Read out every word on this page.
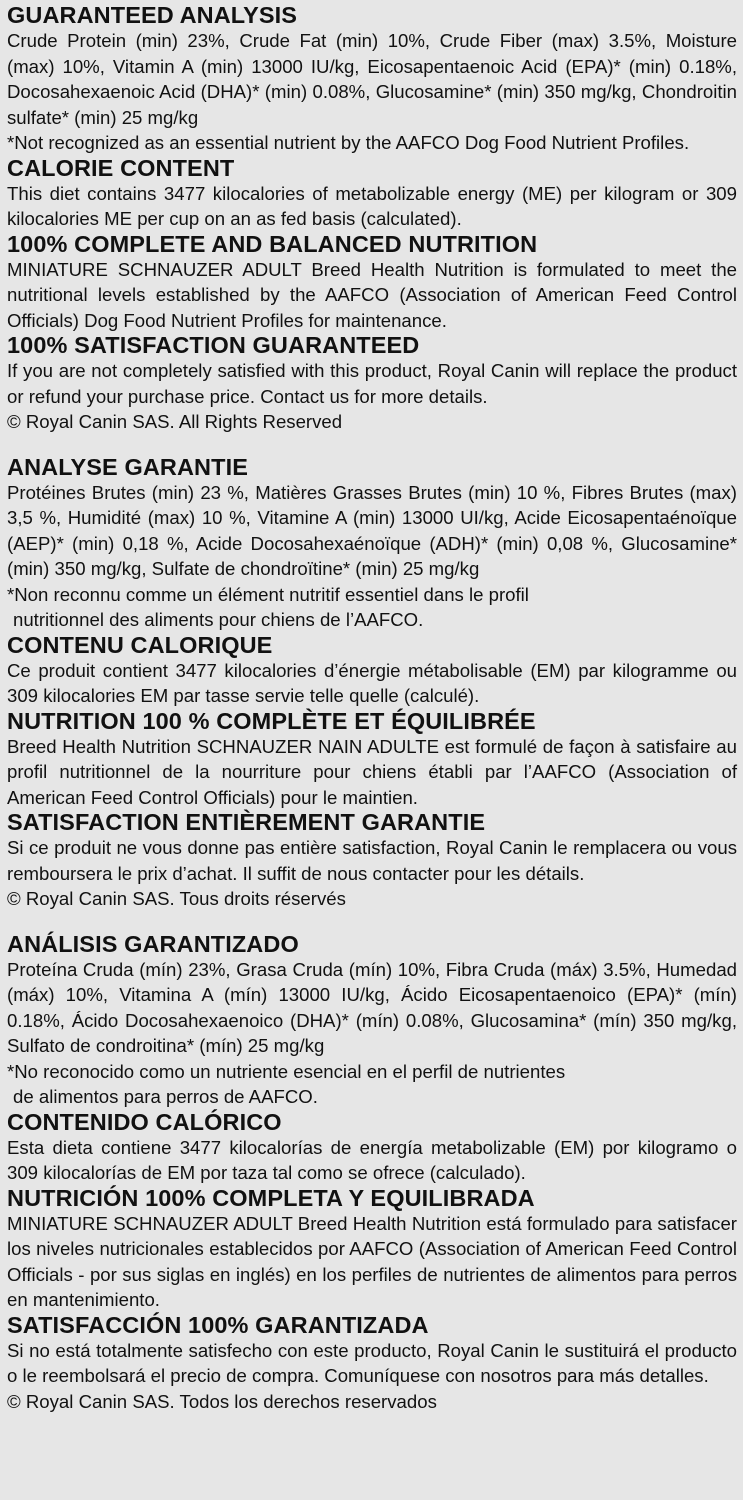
GUARANTEED ANALYSIS

Crude Protein (min) 23%, Crude Fat (min) 10%, Crude Fiber (max) 3.5%, Moisture (max) 10%, Vitamin A (min) 13000 IU/kg, Eicosapentaenoic Acid (EPA)* (min) 0.18%, Docosahexaenoic Acid (DHA)* (min) 0.08%, Glucosamine* (min) 350 mg/kg, Chondroitin sulfate* (min) 25 mg/kg

*Not recognized as an essential nutrient by the AAFCO Dog Food Nutrient Profiles.

CALORIE CONTENT

This diet contains 3477 kilocalories of metabolizable energy (ME) per kilogram or 309 kilocalories ME per cup on an as fed basis (calculated).

100% COMPLETE AND BALANCED NUTRITION

MINIATURE SCHNAUZER ADULT Breed Health Nutrition is formulated to meet the nutritional levels established by the AAFCO (Association of American Feed Control Officials) Dog Food Nutrient Profiles for maintenance.

100% SATISFACTION GUARANTEED

If you are not completely satisfied with this product, Royal Canin will replace the product or refund your purchase price. Contact us for more details.

© Royal Canin SAS. All Rights Reserved

ANALYSE GARANTIE

Protéines Brutes (min) 23 %, Matières Grasses Brutes (min) 10 %, Fibres Brutes (max) 3,5 %, Humidité (max) 10 %, Vitamine A (min) 13000 UI/kg, Acide Eicosapentaénoïque (AEP)* (min) 0,18 %, Acide Docosahexaénoïque (ADH)* (min) 0,08 %, Glucosamine* (min) 350 mg/kg, Sulfate de chondroïtine* (min) 25 mg/kg

*Non reconnu comme un élément nutritif essentiel dans le profil
nutritionnel des aliments pour chiens de l’AAFCO.

CONTENU CALORIQUE

Ce produit contient 3477 kilocalories d’énergie métabolisable (EM) par kilogramme ou 309 kilocalories EM par tasse servie telle quelle (calculé).

NUTRITION 100 % COMPLÈTE ET ÉQUILIBRÉE

Breed Health Nutrition SCHNAUZER NAIN ADULTE est formulé de façon à satisfaire au profil nutritionnel de la nourriture pour chiens établi par l’AAFCO (Association of American Feed Control Officials) pour le maintien.

SATISFACTION ENTIÈREMENT GARANTIE

Si ce produit ne vous donne pas entière satisfaction, Royal Canin le remplacera ou vous remboursera le prix d’achat. Il suffit de nous contacter pour les détails.

© Royal Canin SAS. Tous droits réservés

ANÁLISIS GARANTIZADO

Proteína Cruda (mín) 23%, Grasa Cruda (mín) 10%, Fibra Cruda (máx) 3.5%, Humedad (máx) 10%, Vitamina A (mín) 13000 IU/kg, Ácido Eicosapentaenoico (EPA)* (mín) 0.18%, Ácido Docosahexaenoico (DHA)* (mín) 0.08%, Glucosamina* (mín) 350 mg/kg, Sulfato de condroitina* (mín) 25 mg/kg

*No reconocido como un nutriente esencial en el perfil de nutrientes
de alimentos para perros de AAFCO.

CONTENIDO CALÓRICO

Esta dieta contiene 3477 kilocalorías de energía metabolizable (EM) por kilogramo o 309 kilocalorías de EM por taza tal como se ofrece (calculado).

NUTRICIÓN 100% COMPLETA Y EQUILIBRADA

MINIATURE SCHNAUZER ADULT Breed Health Nutrition está formulado para satisfacer los niveles nutricionales establecidos por AAFCO (Association of American Feed Control Officials - por sus siglas en inglés) en los perfiles de nutrientes de alimentos para perros en mantenimiento.

SATISFACCIÓN 100% GARANTIZADA

Si no está totalmente satisfecho con este producto, Royal Canin le sustituirá el producto o le reembolsará el precio de compra. Comuníquese con nosotros para más detalles.

© Royal Canin SAS. Todos los derechos reservados
